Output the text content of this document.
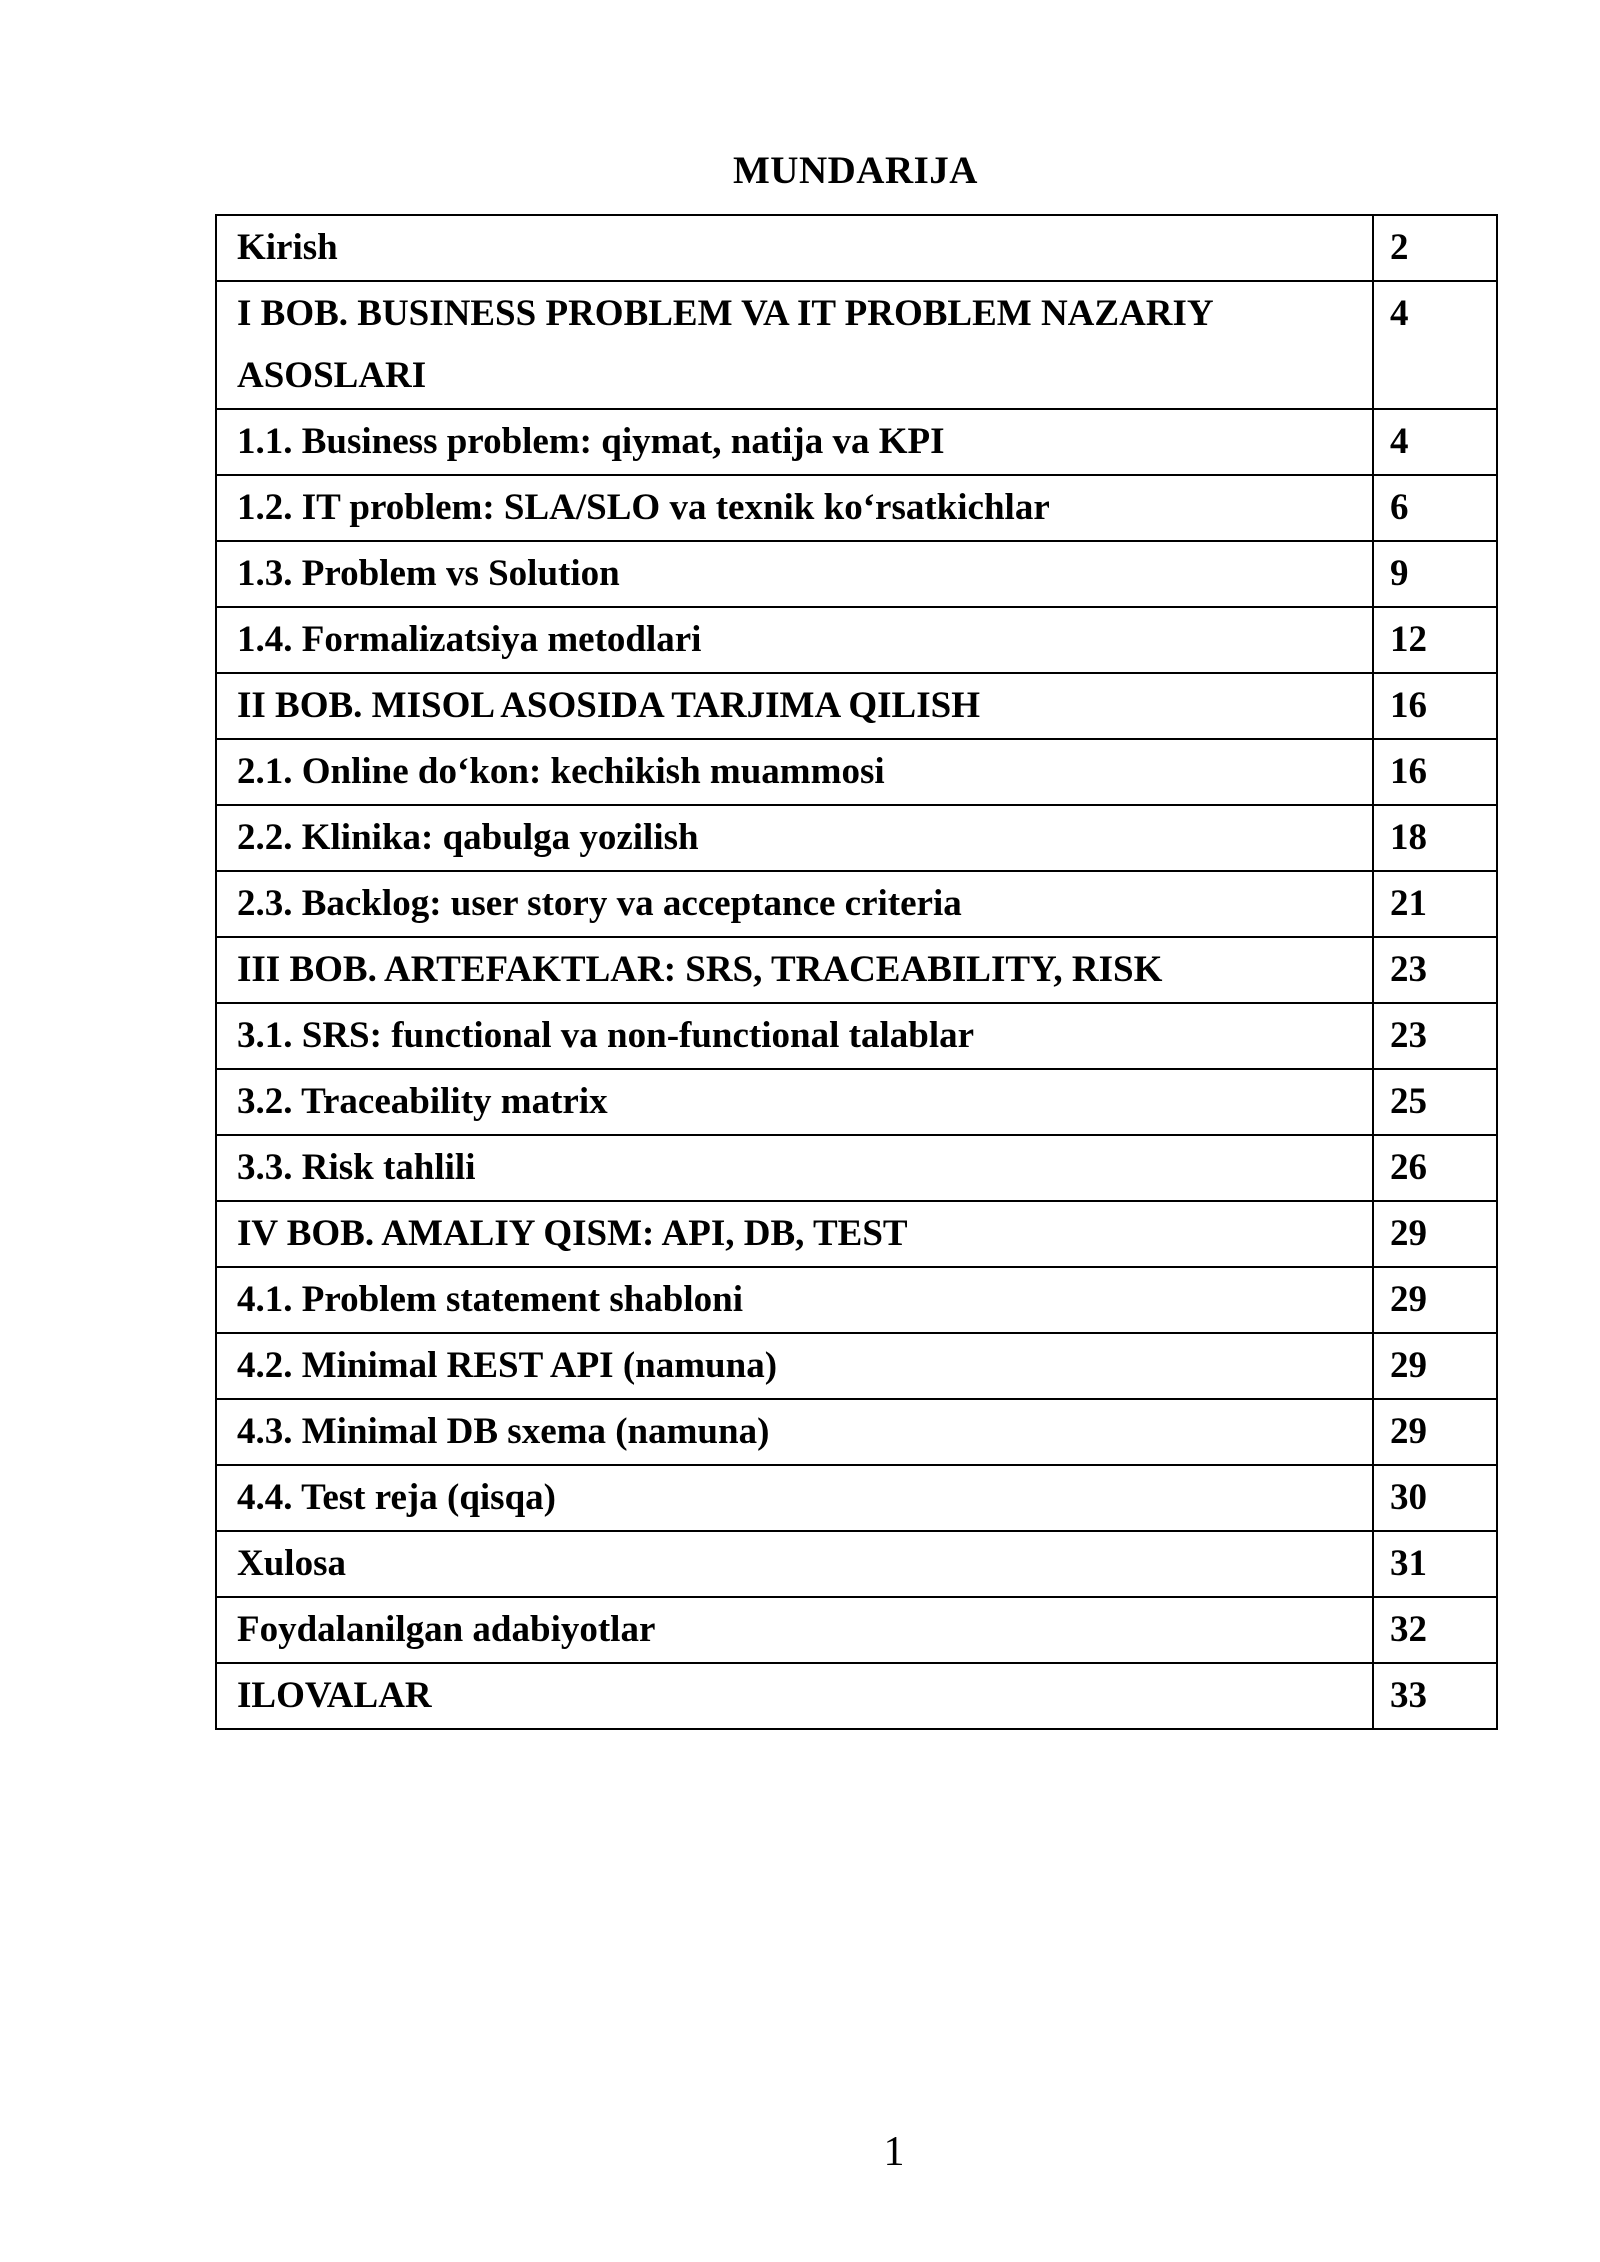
MUNDARIJA
Kirish	2
I BOB. BUSINESS PROBLEM VA IT PROBLEM NAZARIY ASOSLARI	4
1.1. Business problem: qiymat, natija va KPI	4
1.2. IT problem: SLA/SLO va texnik ko‘rsatkichlar	6
1.3. Problem vs Solution	9
1.4. Formalizatsiya metodlari	12
II BOB. MISOL ASOSIDA TARJIMA QILISH	16
2.1. Online do‘kon: kechikish muammosi	16
2.2. Klinika: qabulga yozilish	18
2.3. Backlog: user story va acceptance criteria	21
III BOB. ARTEFAKTLAR: SRS, TRACEABILITY, RISK	23
3.1. SRS: functional va non-functional talablar	23
3.2. Traceability matrix	25
3.3. Risk tahlili	26
IV BOB. AMALIY QISM: API, DB, TEST	29
4.1. Problem statement shabloni	29
4.2. Minimal REST API (namuna)	29
4.3. Minimal DB sxema (namuna)	29
4.4. Test reja (qisqa)	30
Xulosa	31
Foydalanilgan adabiyotlar	32
ILOVALAR	33
1
